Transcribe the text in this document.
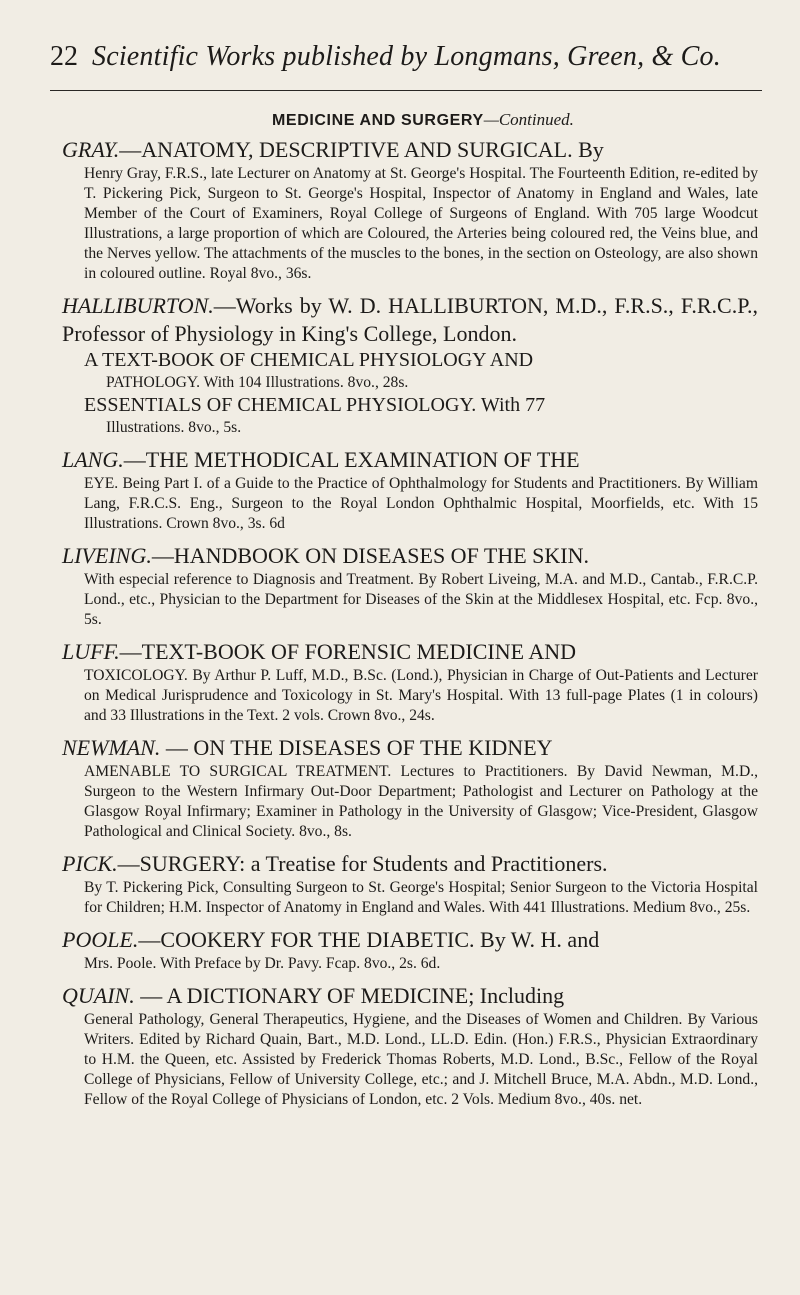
22 Scientific Works published by Longmans, Green, & Co.
MEDICINE AND SURGERY—Continued.

GRAY.—ANATOMY, DESCRIPTIVE AND SURGICAL. By

Henry Gray, F.R.S., late Lecturer on Anatomy at St. George's Hospital. The Fourteenth Edition, re-edited by T. Pickering Pick, Surgeon to St. George's Hospital, Inspector of Anatomy in England and Wales, late Member of the Court of Examiners, Royal College of Surgeons of England. With 705 large Woodcut Illustrations, a large proportion of which are Coloured, the Arteries being coloured red, the Veins blue, and the Nerves yellow. The attachments of the muscles to the bones, in the section on Osteology, are also shown in coloured outline. Royal 8vo., 36s.

HALLIBURTON.—Works by W. D. HALLIBURTON, M.D., F.R.S., F.R.C.P., Professor of Physiology in King's College, London.

A TEXT-BOOK OF CHEMICAL PHYSIOLOGY AND

PATHOLOGY. With 104 Illustrations. 8vo., 28s.

ESSENTIALS OF CHEMICAL PHYSIOLOGY. With 77

Illustrations. 8vo., 5s.

LANG.—THE METHODICAL EXAMINATION OF THE

EYE. Being Part I. of a Guide to the Practice of Ophthalmology for Students and Practitioners. By William Lang, F.R.C.S. Eng., Surgeon to the Royal London Ophthalmic Hospital, Moorfields, etc. With 15 Illustrations. Crown 8vo., 3s. 6d

LIVEING.—HANDBOOK ON DISEASES OF THE SKIN.

With especial reference to Diagnosis and Treatment. By Robert Liveing, M.A. and M.D., Cantab., F.R.C.P. Lond., etc., Physician to the Department for Diseases of the Skin at the Middlesex Hospital, etc. Fcp. 8vo., 5s.

LUFF.—TEXT-BOOK OF FORENSIC MEDICINE AND

TOXICOLOGY. By Arthur P. Luff, M.D., B.Sc. (Lond.), Physician in Charge of Out-Patients and Lecturer on Medical Jurisprudence and Toxicology in St. Mary's Hospital. With 13 full-page Plates (1 in colours) and 33 Illustrations in the Text. 2 vols. Crown 8vo., 24s.

NEWMAN. — ON THE DISEASES OF THE KIDNEY

AMENABLE TO SURGICAL TREATMENT. Lectures to Practitioners. By David Newman, M.D., Surgeon to the Western Infirmary Out-Door Department; Pathologist and Lecturer on Pathology at the Glasgow Royal Infirmary; Examiner in Pathology in the University of Glasgow; Vice-President, Glasgow Pathological and Clinical Society. 8vo., 8s.

PICK.—SURGERY: a Treatise for Students and Practitioners.

By T. Pickering Pick, Consulting Surgeon to St. George's Hospital; Senior Surgeon to the Victoria Hospital for Children; H.M. Inspector of Anatomy in England and Wales. With 441 Illustrations. Medium 8vo., 25s.

POOLE.—COOKERY FOR THE DIABETIC. By W. H. and

Mrs. Poole. With Preface by Dr. Pavy. Fcap. 8vo., 2s. 6d.

QUAIN. — A DICTIONARY OF MEDICINE; Including

General Pathology, General Therapeutics, Hygiene, and the Diseases of Women and Children. By Various Writers. Edited by Richard Quain, Bart., M.D. Lond., LL.D. Edin. (Hon.) F.R.S., Physician Extraordinary to H.M. the Queen, etc. Assisted by Frederick Thomas Roberts, M.D. Lond., B.Sc., Fellow of the Royal College of Physicians, Fellow of University College, etc.; and J. Mitchell Bruce, M.A. Abdn., M.D. Lond., Fellow of the Royal College of Physicians of London, etc. 2 Vols. Medium 8vo., 40s. net.
